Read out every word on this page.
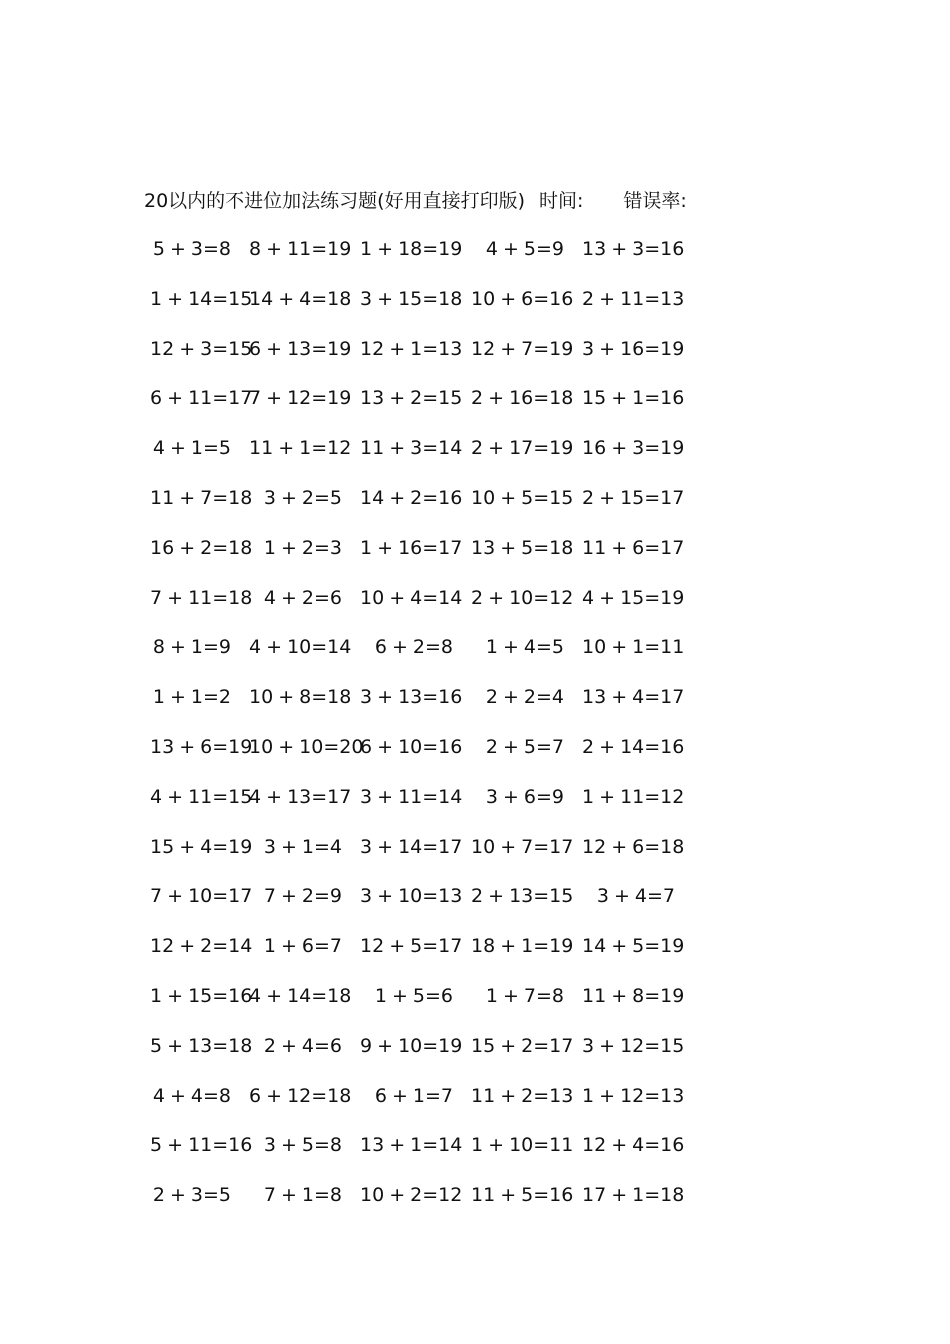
20以内的不进位加法练习题(好用直接打印版) 时间: 错误率:
5 + 3=8 8 + 11=19 1 + 18=19 4 + 5=9 13 + 3=16
1 + 14=15
14 + 4=18 3 + 15=18 10 + 6=16 2 + 11=13
12 + 3=15
6 + 13=19 12 + 1=13 12 + 7=19 3 + 16=19
6 + 11=17
7 + 12=19 13 + 2=15 2 + 16=18 15 + 1=16
4 + 1=5 11 + 1=12 11 + 3=14 2 + 17=19 16 + 3=19
11 + 7=18 3 + 2=5 14 + 2=16 10 + 5=15 2 + 15=17
16 + 2=18 1 + 2=3 1 + 16=17 13 + 5=18 11 + 6=17
7 + 11=18 4 + 2=6 10 + 4=14 2 + 10=12 4 + 15=19
8 + 1=9 4 + 10=14 6 + 2=8 1 + 4=5 10 + 1=11
1 + 1=2 10 + 8=18 3 + 13=16 2 + 2=4 13 + 4=17
13 + 6=19
10 + 10=20
6 + 10=16 2 + 5=7 2 + 14=16
4 + 11=15
4 + 13=17 3 + 11=14 3 + 6=9 1 + 11=12
15 + 4=19 3 + 1=4 3 + 14=17 10 + 7=17 12 + 6=18
7 + 10=17 7 + 2=9 3 + 10=13 2 + 13=15 3 + 4=7
12 + 2=14 1 + 6=7 12 + 5=17 18 + 1=19 14 + 5=19
1 + 15=16
4 + 14=18 1 + 5=6 1 + 7=8 11 + 8=19
5 + 13=18 2 + 4=6 9 + 10=19 15 + 2=17 3 + 12=15
4 + 4=8 6 + 12=18 6 + 1=7 11 + 2=13 1 + 12=13
5 + 11=16 3 + 5=8 13 + 1=14 1 + 10=11 12 + 4=16
2 + 3=5 7 + 1=8 10 + 2=12 11 + 5=16 17 + 1=18
